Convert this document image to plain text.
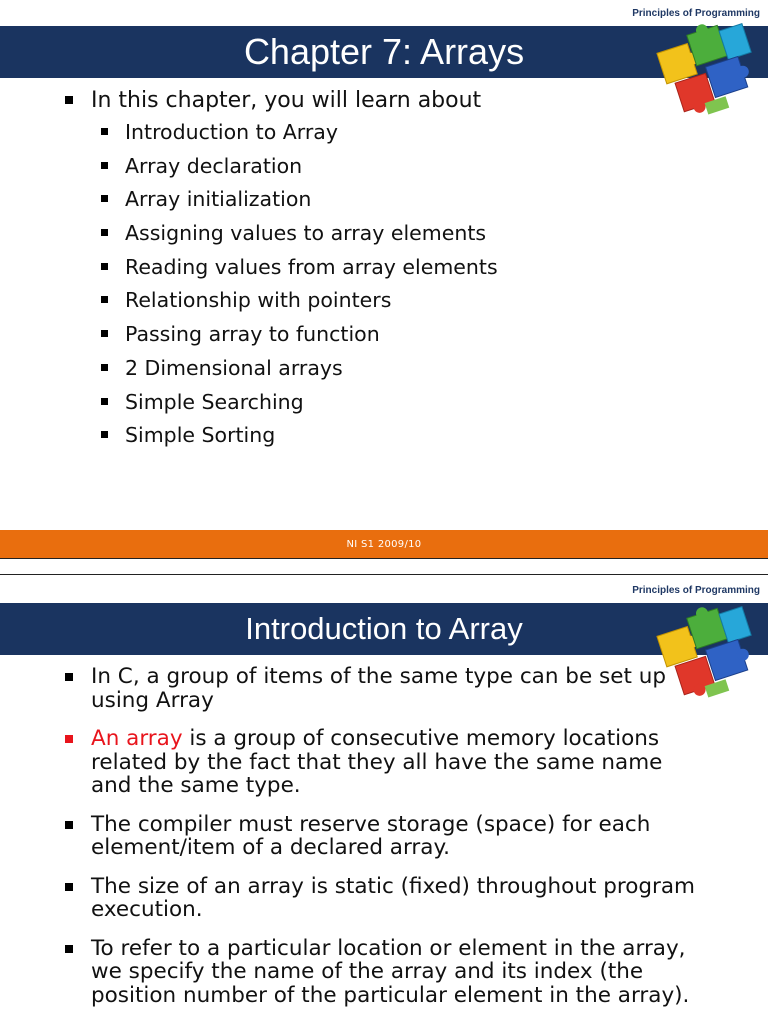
Principles of Programming
Chapter 7: Arrays
In this chapter, you will learn about
Introduction to Array
Array declaration
Array initialization
Assigning values to array elements
Reading values from array elements
Relationship with pointers
Passing array to function
2 Dimensional arrays
Simple Searching
Simple Sorting
NI S1 2009/10
Principles of Programming
Introduction to Array
In C, a group of items of the same type can be set up using Array
An array is a group of consecutive memory locations related by the fact that they all have the same name and the same type.
The compiler must reserve storage (space) for each element/item of a declared array.
The size of an array is static (fixed) throughout program execution.
To refer to a particular location or element in the array, we specify the name of the array and its index (the position number of the particular element in the array).
